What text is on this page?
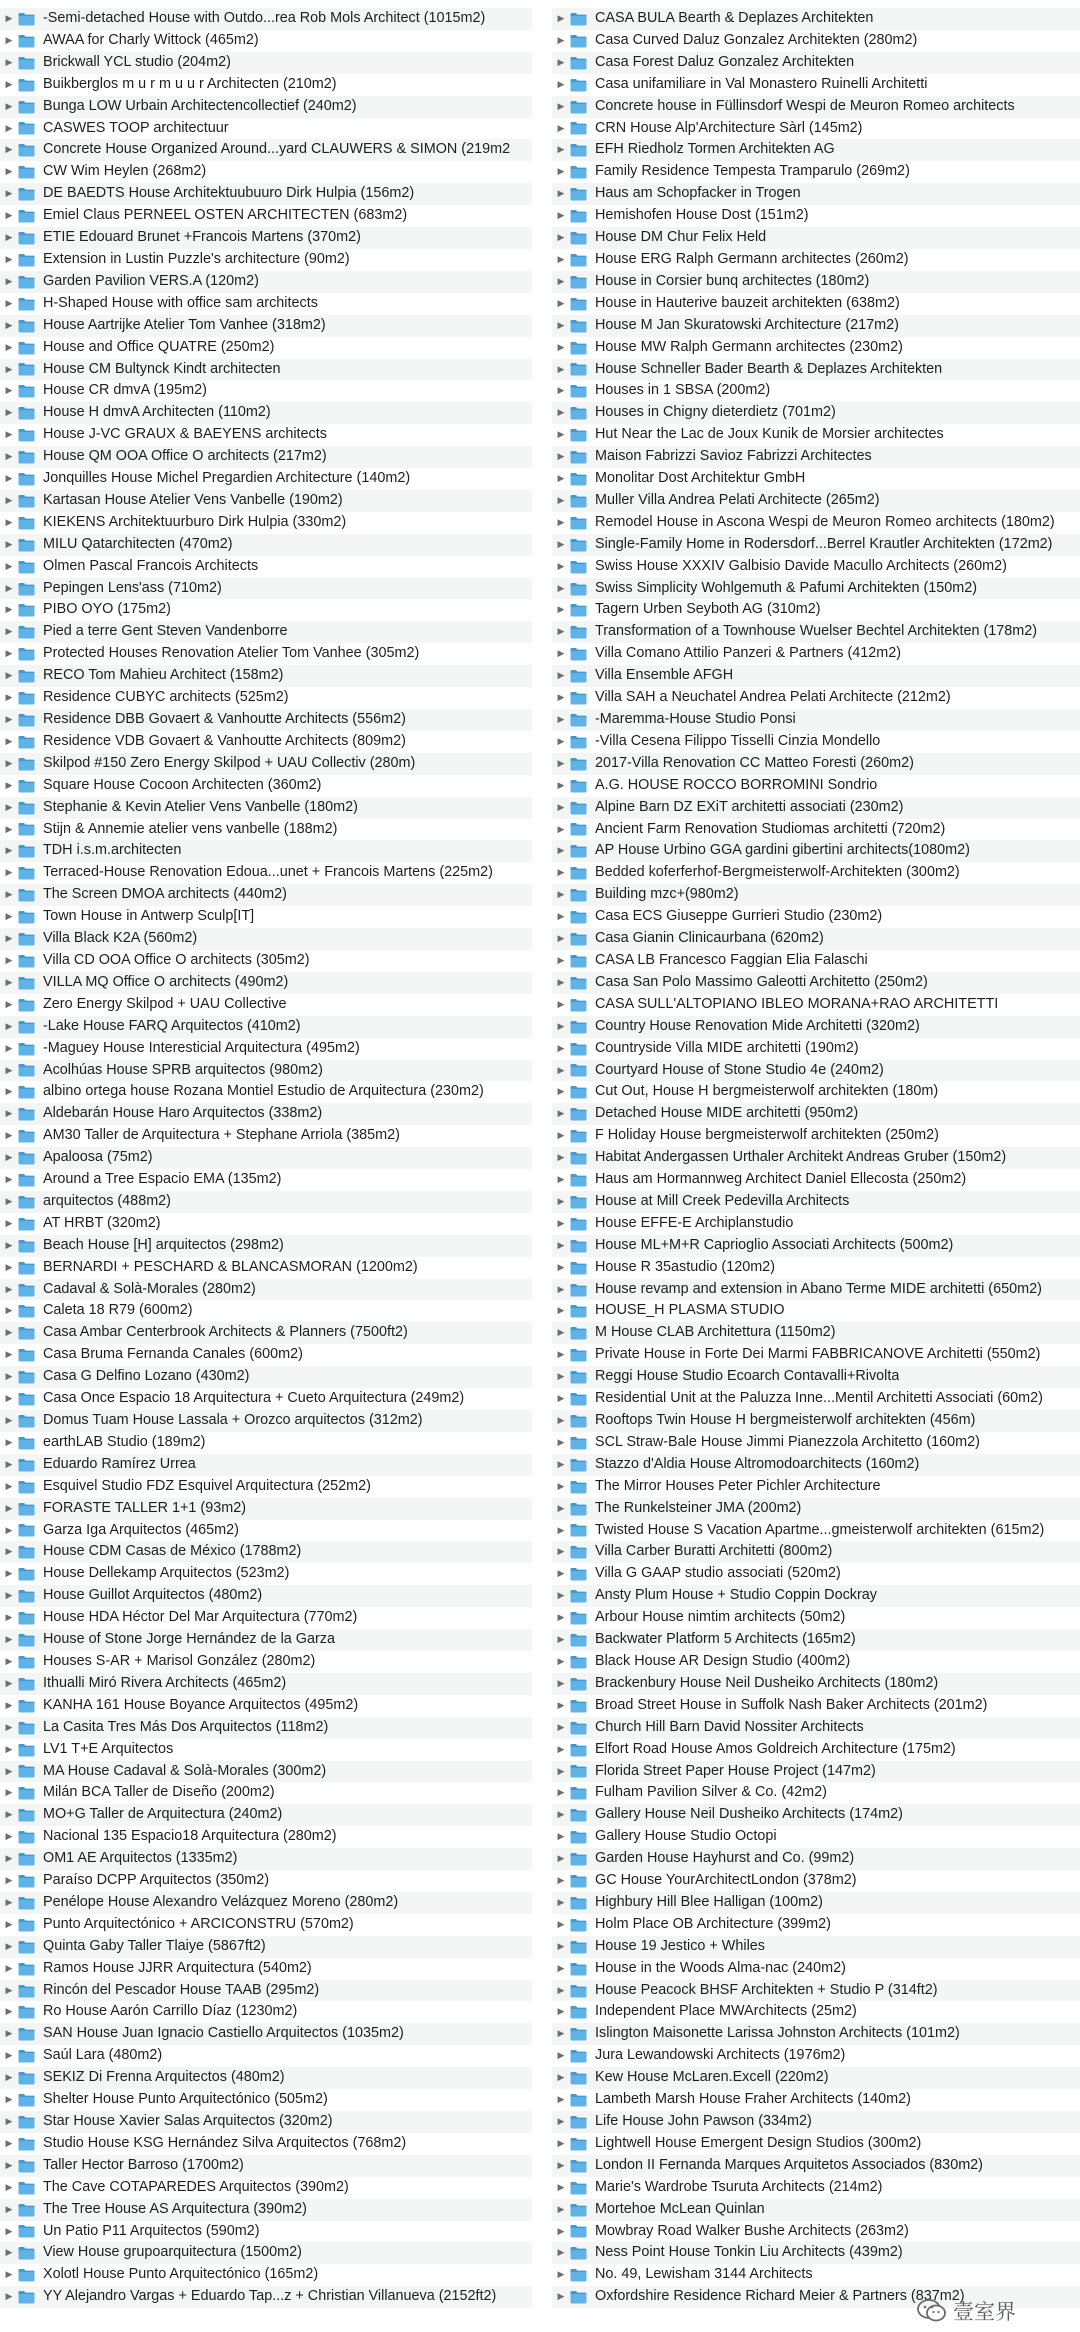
▶ -Semi-detached House with Outdo...rea Rob Mols Architect (1015m2)
▶ AWAA for Charly Wittock (465m2)
▶ Brickwall YCL studio (204m2)
▶ Buikberglos m u r m u u r Architecten (210m2)
▶ Bunga LOW Urbain Architectencollectief (240m2)
▶ CASWES TOOP architectuur
▶ Concrete House Organized Around...yard CLAUWERS & SIMON (219m2
▶ CW Wim Heylen (268m2)
▶ DE BAEDTS House Architektuubuuro Dirk Hulpia (156m2)
▶ Emiel Claus PERNEEL OSTEN ARCHITECTEN (683m2)
▶ ETIE Edouard Brunet +Francois Martens (370m2)
▶ Extension in Lustin Puzzle's architecture (90m2)
▶ Garden Pavilion VERS.A (120m2)
▶ H-Shaped House with office sam architects
▶ House Aartrijke Atelier Tom Vanhee (318m2)
▶ House and Office QUATRE (250m2)
▶ House CM Bultynck Kindt architecten
▶ House CR dmvA (195m2)
▶ House H dmvA Architecten (110m2)
▶ House J-VC GRAUX & BAEYENS architects
▶ House QM OOA Office O architects (217m2)
▶ Jonquilles House Michel Pregardien Architecture (140m2)
▶ Kartasan House Atelier Vens Vanbelle (190m2)
▶ KIEKENS Architektuurburo Dirk Hulpia (330m2)
▶ MILU Qatarchitecten (470m2)
▶ Olmen Pascal Francois Architects
▶ Pepingen Lens'ass (710m2)
▶ PIBO OYO (175m2)
▶ Pied a terre Gent Steven Vandenborre
▶ Protected Houses Renovation Atelier Tom Vanhee (305m2)
▶ RECO Tom Mahieu Architect (158m2)
▶ Residence CUBYC architects (525m2)
▶ Residence DBB Govaert & Vanhoutte Architects (556m2)
▶ Residence VDB Govaert & Vanhoutte Architects (809m2)
▶ Skilpod #150 Zero Energy Skilpod + UAU Collectiv (280m)
▶ Square House Cocoon Architecten (360m2)
▶ Stephanie & Kevin Atelier Vens Vanbelle (180m2)
▶ Stijn & Annemie atelier vens vanbelle (188m2)
▶ TDH i.s.m.architecten
▶ Terraced-House Renovation Edoua...unet + Francois Martens (225m2)
▶ The Screen DMOA architects (440m2)
▶ Town House in Antwerp Sculp[IT]
▶ Villa Black K2A (560m2)
▶ Villa CD OOA Office O architects (305m2)
▶ VILLA MQ Office O architects (490m2)
▶ Zero Energy Skilpod + UAU Collective
▶ -Lake House FARQ Arquitectos (410m2)
▶ -Maguey House Interesticial Arquitectura (495m2)
▶ Acolhúas House SPRB arquitectos (980m2)
▶ albino ortega house Rozana Montiel Estudio de Arquitectura (230m2)
▶ Aldebarán House Haro Arquitectos (338m2)
▶ AM30 Taller de Arquitectura + Stephane Arriola (385m2)
▶ Apaloosa (75m2)
▶ Around a Tree Espacio EMA (135m2)
▶ arquitectos (488m2)
▶ AT HRBT (320m2)
▶ Beach House [H] arquitectos (298m2)
▶ BERNARDI + PESCHARD & BLANCASMORAN (1200m2)
▶ Cadaval & Solà-Morales (280m2)
▶ Caleta 18 R79 (600m2)
▶ Casa Ambar Centerbrook Architects & Planners (7500ft2)
▶ Casa Bruma Fernanda Canales (600m2)
▶ Casa G Delfino Lozano (430m2)
▶ Casa Once Espacio 18 Arquitectura + Cueto Arquitectura (249m2)
▶ Domus Tuam House Lassala + Orozco arquitectos (312m2)
▶ earthLAB Studio (189m2)
▶ Eduardo Ramírez Urrea
▶ Esquivel Studio FDZ Esquivel Arquitectura (252m2)
▶ FORASTE TALLER 1+1 (93m2)
▶ Garza Iga Arquitectos (465m2)
▶ House CDM Casas de México (1788m2)
▶ House Dellekamp Arquitectos (523m2)
▶ House Guillot Arquitectos (480m2)
▶ House HDA Héctor Del Mar Arquitectura (770m2)
▶ House of Stone Jorge Hernández de la Garza
▶ Houses S-AR + Marisol González (280m2)
▶ Ithualli Miró Rivera Architects (465m2)
▶ KANHA 161 House Boyance Arquitectos (495m2)
▶ La Casita Tres Más Dos Arquitectos (118m2)
▶ LV1 T+E Arquitectos
▶ MA House Cadaval & Solà-Morales (300m2)
▶ Milán BCA Taller de Diseño (200m2)
▶ MO+G Taller de Arquitectura (240m2)
▶ Nacional 135 Espacio18 Arquitectura (280m2)
▶ OM1 AE Arquitectos (1335m2)
▶ Paraíso DCPP Arquitectos (350m2)
▶ Penélope House Alexandro Velázquez Moreno (280m2)
▶ Punto Arquitectónico + ARCICONSTRU (570m2)
▶ Quinta Gaby Taller Tlaiye (5867ft2)
▶ Ramos House JJRR Arquitectura (540m2)
▶ Rincón del Pescador House TAAB (295m2)
▶ Ro House Aarón Carrillo Díaz (1230m2)
▶ SAN House Juan Ignacio Castiello Arquitectos (1035m2)
▶ Saúl Lara (480m2)
▶ SEKIZ Di Frenna Arquitectos (480m2)
▶ Shelter House Punto Arquitectónico (505m2)
▶ Star House Xavier Salas Arquitectos (320m2)
▶ Studio House KSG Hernández Silva Arquitectos (768m2)
▶ Taller Hector Barroso (1700m2)
▶ The Cave COTAPAREDES Arquitectos (390m2)
▶ The Tree House AS Arquitectura (390m2)
▶ Un Patio P11 Arquitectos (590m2)
▶ View House grupoarquitectura (1500m2)
▶ Xolotl House Punto Arquitectónico (165m2)
▶ YY Alejandro Vargas + Eduardo Tap...z + Christian Villanueva (2152ft2)
▶ CASA BULA Bearth & Deplazes Architekten
▶ Casa Curved Daluz Gonzalez Architekten (280m2)
▶ Casa Forest Daluz Gonzalez Architekten
▶ Casa unifamiliare in Val Monastero Ruinelli Architetti
▶ Concrete house in Füllinsdorf Wespi de Meuron Romeo architects
▶ CRN House Alp'Architecture Sàrl (145m2)
▶ EFH Riedholz Tormen Architekten AG
▶ Family Residence Tempesta Tramparulo (269m2)
▶ Haus am Schopfacker in Trogen
▶ Hemishofen House Dost (151m2)
▶ House DM Chur Felix Held
▶ House ERG Ralph Germann architectes (260m2)
▶ House in Corsier bunq architectes (180m2)
▶ House in Hauterive bauzeit architekten (638m2)
▶ House M Jan Skuratowski Architecture (217m2)
▶ House MW Ralph Germann architectes (230m2)
▶ House Schneller Bader Bearth & Deplazes Architekten
▶ Houses in 1 SBSA (200m2)
▶ Houses in Chigny dieterdietz (701m2)
▶ Hut Near the Lac de Joux Kunik de Morsier architectes
▶ Maison Fabrizzi Savioz Fabrizzi Architectes
▶ Monolitar Dost Architektur GmbH
▶ Muller Villa Andrea Pelati Architecte (265m2)
▶ Remodel House in Ascona Wespi de Meuron Romeo architects (180m2)
▶ Single-Family Home in Rodersdorf...Berrel Krautler Architekten (172m2)
▶ Swiss House XXXIV Galbisio Davide Macullo Architects (260m2)
▶ Swiss Simplicity Wohlgemuth & Pafumi Architekten (150m2)
▶ Tagern Urben Seyboth AG (310m2)
▶ Transformation of a Townhouse Wuelser Bechtel Architekten (178m2)
▶ Villa Comano Attilio Panzeri & Partners (412m2)
▶ Villa Ensemble AFGH
▶ Villa SAH a Neuchatel Andrea Pelati Architecte (212m2)
▶ -Maremma-House Studio Ponsi
▶ -Villa Cesena Filippo Tisselli Cinzia Mondello
▶ 2017-Villa Renovation CC Matteo Foresti (260m2)
▶ A.G. HOUSE ROCCO BORROMINI Sondrio
▶ Alpine Barn DZ EXiT architetti associati (230m2)
▶ Ancient Farm Renovation Studiomas architetti (720m2)
▶ AP House Urbino GGA gardini gibertini architects(1080m2)
▶ Bedded koferferhof-Bergmeisterwolf-Architekten (300m2)
▶ Building mzc+(980m2)
▶ Casa ECS Giuseppe Gurrieri Studio (230m2)
▶ Casa Gianin Clinicaurbana (620m2)
▶ CASA LB Francesco Faggian Elia Falaschi
▶ Casa San Polo Massimo Galeotti Architetto (250m2)
▶ CASA SULL'ALTOPIANO IBLEO MORANA+RAO ARCHITETTI
▶ Country House Renovation Mide Architetti (320m2)
▶ Countryside Villa MIDE architetti (190m2)
▶ Courtyard House of Stone Studio 4e (240m2)
▶ Cut Out, House H bergmeisterwolf architekten (180m)
▶ Detached House MIDE architetti (950m2)
▶ F Holiday House bergmeisterwolf architekten (250m2)
▶ Habitat Andergassen Urthaler Architekt Andreas Gruber (150m2)
▶ Haus am Hormannweg Architect Daniel Ellecosta (250m2)
▶ House at Mill Creek Pedevilla Architects
▶ House EFFE-E Archiplanstudio
▶ House ML+M+R Caprioglio Associati Architects (500m2)
▶ House R 35astudio (120m2)
▶ House revamp and extension in Abano Terme MIDE architetti (650m2)
▶ HOUSE_H PLASMA STUDIO
▶ M House CLAB Architettura (1150m2)
▶ Private House in Forte Dei Marmi FABBRICANOVE Architetti (550m2)
▶ Reggi House Studio Ecoarch Contavalli+Rivolta
▶ Residential Unit at the Paluzza Inne...Mentil Architetti Associati (60m2)
▶ Rooftops Twin House H bergmeisterwolf architekten (456m)
▶ SCL Straw-Bale House Jimmi Pianezzola Architetto (160m2)
▶ Stazzo d'Aldia House Altromodoarchitects (160m2)
▶ The Mirror Houses Peter Pichler Architecture
▶ The Runkelsteiner JMA (200m2)
▶ Twisted House S Vacation Apartme...gmeisterwolf architekten (615m2)
▶ Villa Carber Buratti Architetti (800m2)
▶ Villa G GAAP studio associati (520m2)
▶ Ansty Plum House + Studio Coppin Dockray
▶ Arbour House nimtim architects (50m2)
▶ Backwater Platform 5 Architects (165m2)
▶ Black House AR Design Studio (400m2)
▶ Brackenbury House Neil Dusheiko Architects (180m2)
▶ Broad Street House in Suffolk Nash Baker Architects (201m2)
▶ Church Hill Barn David Nossiter Architects
▶ Elfort Road House Amos Goldreich Architecture (175m2)
▶ Florida Street Paper House Project (147m2)
▶ Fulham Pavilion Silver & Co. (42m2)
▶ Gallery House Neil Dusheiko Architects (174m2)
▶ Gallery House Studio Octopi
▶ Garden House Hayhurst and Co. (99m2)
▶ GC House YourArchitectLondon (378m2)
▶ Highbury Hill Blee Halligan (100m2)
▶ Holm Place OB Architecture (399m2)
▶ House 19 Jestico + Whiles
▶ House in the Woods Alma-nac (240m2)
▶ House Peacock BHSF Architekten + Studio P (314ft2)
▶ Independent Place MWArchitects (25m2)
▶ Islington Maisonette Larissa Johnston Architects (101m2)
▶ Jura Lewandowski Architects (1976m2)
▶ Kew House McLaren.Excell (220m2)
▶ Lambeth Marsh House Fraher Architects (140m2)
▶ Life House John Pawson (334m2)
▶ Lightwell House Emergent Design Studios (300m2)
▶ London II Fernanda Marques Arquitetos Associados (830m2)
▶ Marie's Wardrobe Tsuruta Architects (214m2)
▶ Mortehoe McLean Quinlan
▶ Mowbray Road Walker Bushe Architects (263m2)
▶ Ness Point House Tonkin Liu Architects (439m2)
▶ No. 49, Lewisham 3144 Architects
▶ Oxfordshire Residence Richard Meier & Partners (837m2)
壹室界
